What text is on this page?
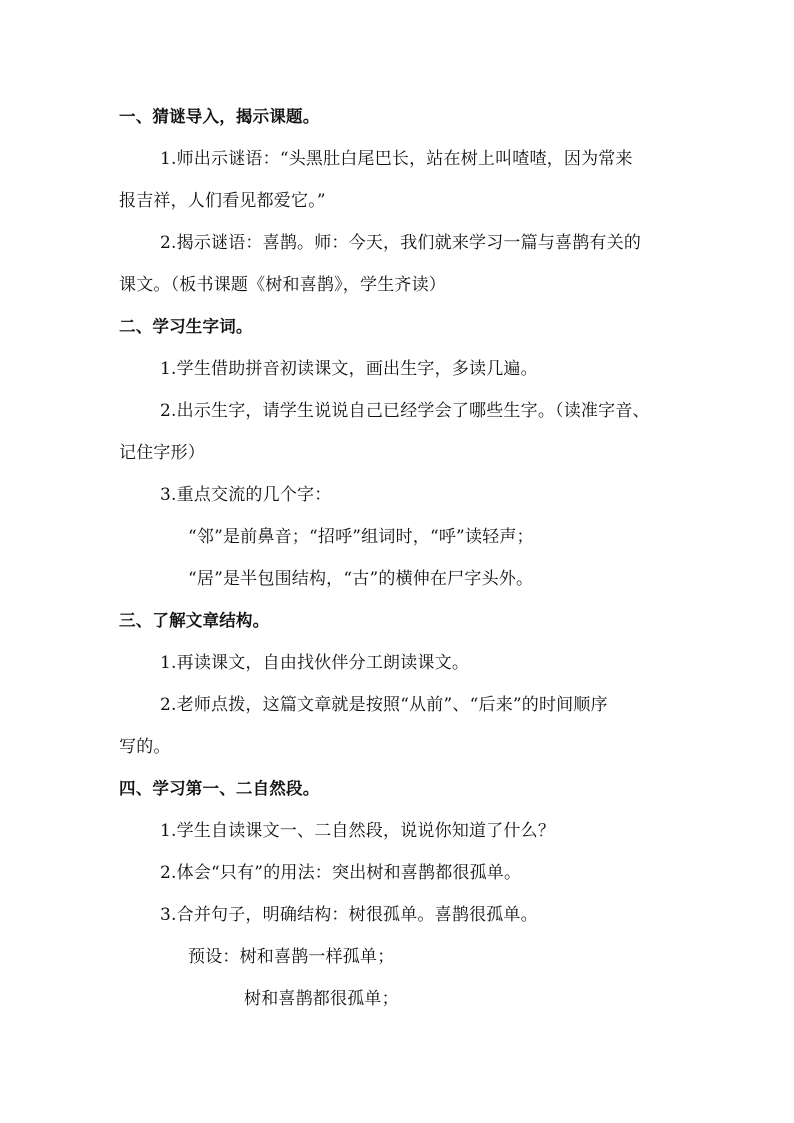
一、猜谜导入，揭示课题。
1.师出示谜语：“头黑肚白尾巴长，站在树上叫喳喳，因为常来
报吉祥，人们看见都爱它。”
2.揭示谜语：喜鹊。师：今天，我们就来学习一篇与喜鹊有关的
课文。（板书课题《树和喜鹊》，学生齐读）
二、学习生字词。
1.学生借助拼音初读课文，画出生字，多读几遍。
2.出示生字，请学生说说自己已经学会了哪些生字。（读准字音、
记住字形）
3.重点交流的几个字：
“邻”是前鼻音；“招呼”组词时，“呼”读轻声；
“居”是半包围结构，“古”的横伸在尸字头外。
三、了解文章结构。
1.再读课文，自由找伙伴分工朗读课文。
2.老师点拨，这篇文章就是按照“从前”、“后来”的时间顺序
写的。
四、学习第一、二自然段。
1.学生自读课文一、二自然段，说说你知道了什么？
2.体会“只有”的用法：突出树和喜鹊都很孤单。
3.合并句子，明确结构：树很孤单。喜鹊很孤单。
预设：树和喜鹊一样孤单；
树和喜鹊都很孤单；
